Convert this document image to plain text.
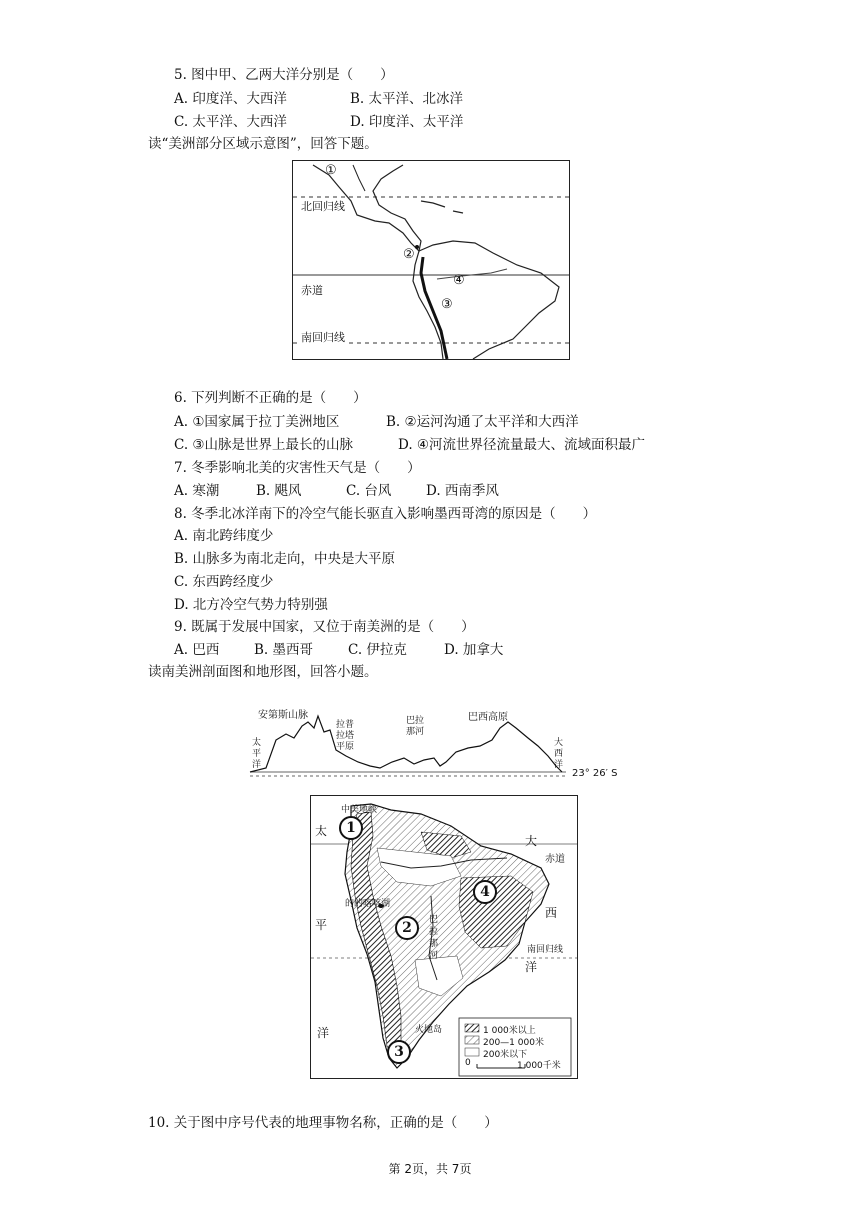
5. 图中甲、乙两大洋分别是（　　）
A. 印度洋、大西洋	B. 太平洋、北冰洋
C. 太平洋、大西洋	D. 印度洋、太平洋
读“美洲部分区域示意图”，回答下题。
北回归线
赤道
南回归线
①
②
③
④
6. 下列判断不正确的是（　　）
A. ①国家属于拉丁美洲地区	B. ②运河沟通了太平洋和大西洋
C. ③山脉是世界上最长的山脉	D. ④河流世界径流量最大、流域面积最广
7. 冬季影响北美的灾害性天气是（　　）
A. 寒潮	B. 飓风	C. 台风	D. 西南季风
8. 冬季北冰洋南下的冷空气能长驱直入影响墨西哥湾的原因是（　　）
A. 南北跨纬度少
B. 山脉多为南北走向，中央是大平原
C. 东西跨经度少
D. 北方冷空气势力特别强
9. 既属于发展中国家，又位于南美洲的是（　　）
A. 巴西	B. 墨西哥	C. 伊拉克	D. 加拿大
读南美洲剖面图和地形图，回答小题。
安第斯山脉
拉普
拉塔
平原
巴拉
那河
巴西高原
太
平
洋
大
西
洋
23° 26′ S
中美地峡
赤道
南回归线
火地岛
太
平
洋
大
西
洋
的的喀喀湖
巴
拉
那
河
1
2
3
4
1 000米以上
200—1 000米
200米以下
0	1 000千米
10. 关于图中序号代表的地理事物名称，正确的是（　　）
第 2页，共 7页
